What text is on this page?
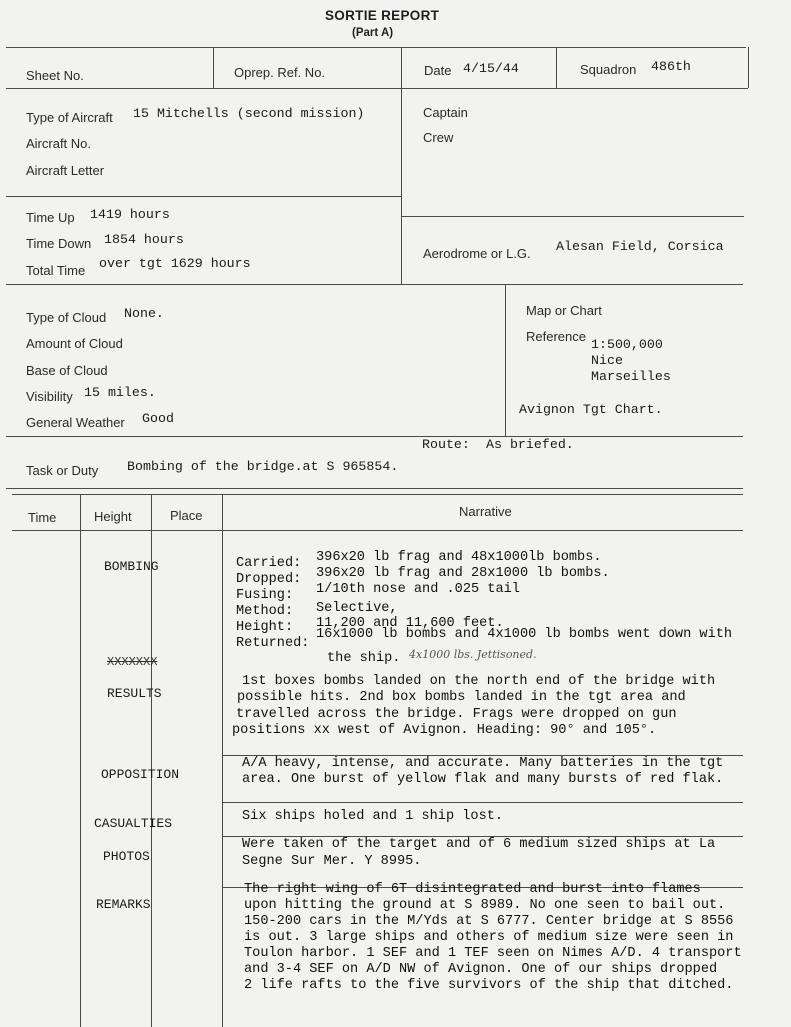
SORTIE REPORT
(Part A)
Sheet No.	Oprep. Ref. No.	Date 4/15/44	Squadron 486th
Type of Aircraft 15 Mitchells (second mission)
Aircraft No.
Aircraft Letter
Captain
Crew
Time Up 1419 hours
Time Down 1854 hours
Total Time over tgt 1629 hours
Aerodrome or L.G. Alesan Field, Corsica
Type of Cloud None.
Amount of Cloud
Base of Cloud
Visibility 15 miles.
General Weather Good
Map or Chart
Reference
1:500,000
Nice
Marseilles
Avignon Tgt Chart.
Route: As briefed.
Task or Duty Bombing of the bridge.at S 965854.
Time	Height	Place	Narrative
BOMBING	Carried: 396x20 lb frag and 48x1000lb bombs.
Dropped: 396x20 lb frag and 28x1000 lb bombs.
Fusing: 1/10th nose and .025 tail
Method: Selective,
Height: 11,200 and 11,600 feet.
Returned:
16x1000 lb bombs and 4x1000 lb bombs went down with
the ship. 4x1000 lbs. Jettisoned.
XXXXXXX
RESULTS
1st boxes bombs landed on the north end of the bridge with
possible hits. 2nd box bombs landed in the tgt area and
travelled across the bridge. Frags were dropped on gun
positions xx west of Avignon. Heading: 90° and 105°.
OPPOSITION
A/A heavy, intense, and accurate. Many batteries in the tgt
area. One burst of yellow flak and many bursts of red flak.
CASUALTIES	Six ships holed and 1 ship lost.
PHOTOS
Were taken of the target and of 6 medium sized ships at La
Segne Sur Mer. Y 8995.
REMARKS
The right wing of 6T disintegrated and burst into flames
upon hitting the ground at S 8989. No one seen to bail out.
150-200 cars in the M/Yds at S 6777. Center bridge at S 8556
is out. 3 large ships and others of medium size were seen in
Toulon harbor. 1 SEF and 1 TEF seen on Nimes A/D. 4 transport
and 3-4 SEF on A/D NW of Avignon. One of our ships dropped
2 life rafts to the five survivors of the ship that ditched.
